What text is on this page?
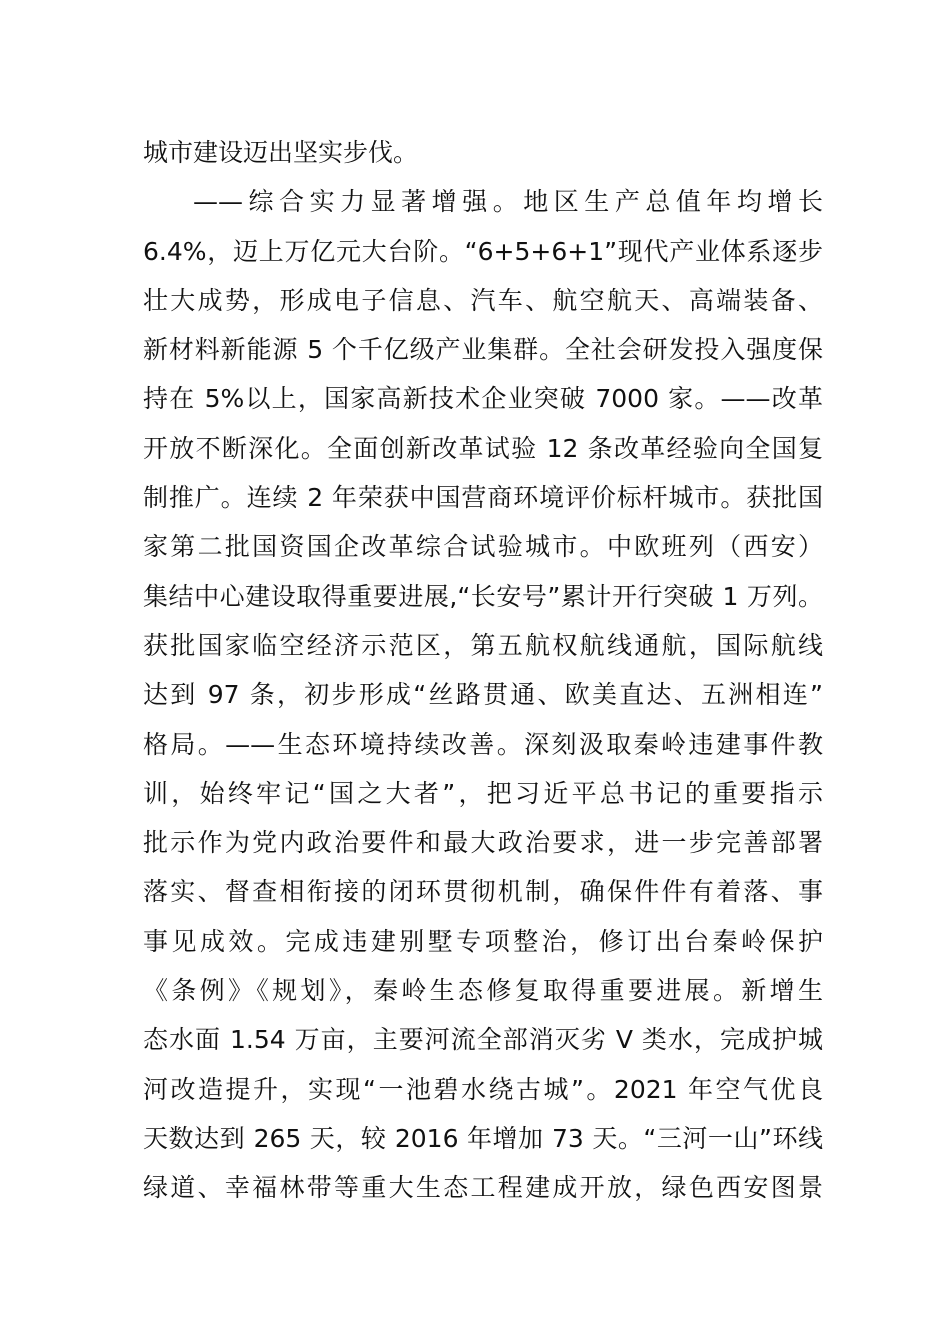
城市建设迈出坚实步伐。
——综合实力显著增强。地区生产总值年均增长
6.4%，迈上万亿元大台阶。“6+5+6+1”现代产业体系逐步
壮大成势，形成电子信息、汽车、航空航天、高端装备、
新材料新能源 5 个千亿级产业集群。全社会研发投入强度保
持在 5%以上，国家高新技术企业突破 7000 家。——改革
开放不断深化。全面创新改革试验 12 条改革经验向全国复
制推广。连续 2 年荣获中国营商环境评价标杆城市。获批国
家第二批国资国企改革综合试验城市。中欧班列（西安）
集结中心建设取得重要进展,“长安号”累计开行突破 1 万列。
获批国家临空经济示范区，第五航权航线通航，国际航线
达到 97 条，初步形成“丝路贯通、欧美直达、五洲相连”
格局。——生态环境持续改善。深刻汲取秦岭违建事件教
训，始终牢记“国之大者”，把习近平总书记的重要指示
批示作为党内政治要件和最大政治要求，进一步完善部署
落实、督查相衔接的闭环贯彻机制，确保件件有着落、事
事见成效。完成违建别墅专项整治，修订出台秦岭保护
《条例》《规划》，秦岭生态修复取得重要进展。新增生
态水面 1.54 万亩，主要河流全部消灭劣 V 类水，完成护城
河改造提升，实现“一池碧水绕古城”。2021 年空气优良
天数达到 265 天，较 2016 年增加 73 天。“三河一山”环线
绿道、幸福林带等重大生态工程建成开放，绿色西安图景
